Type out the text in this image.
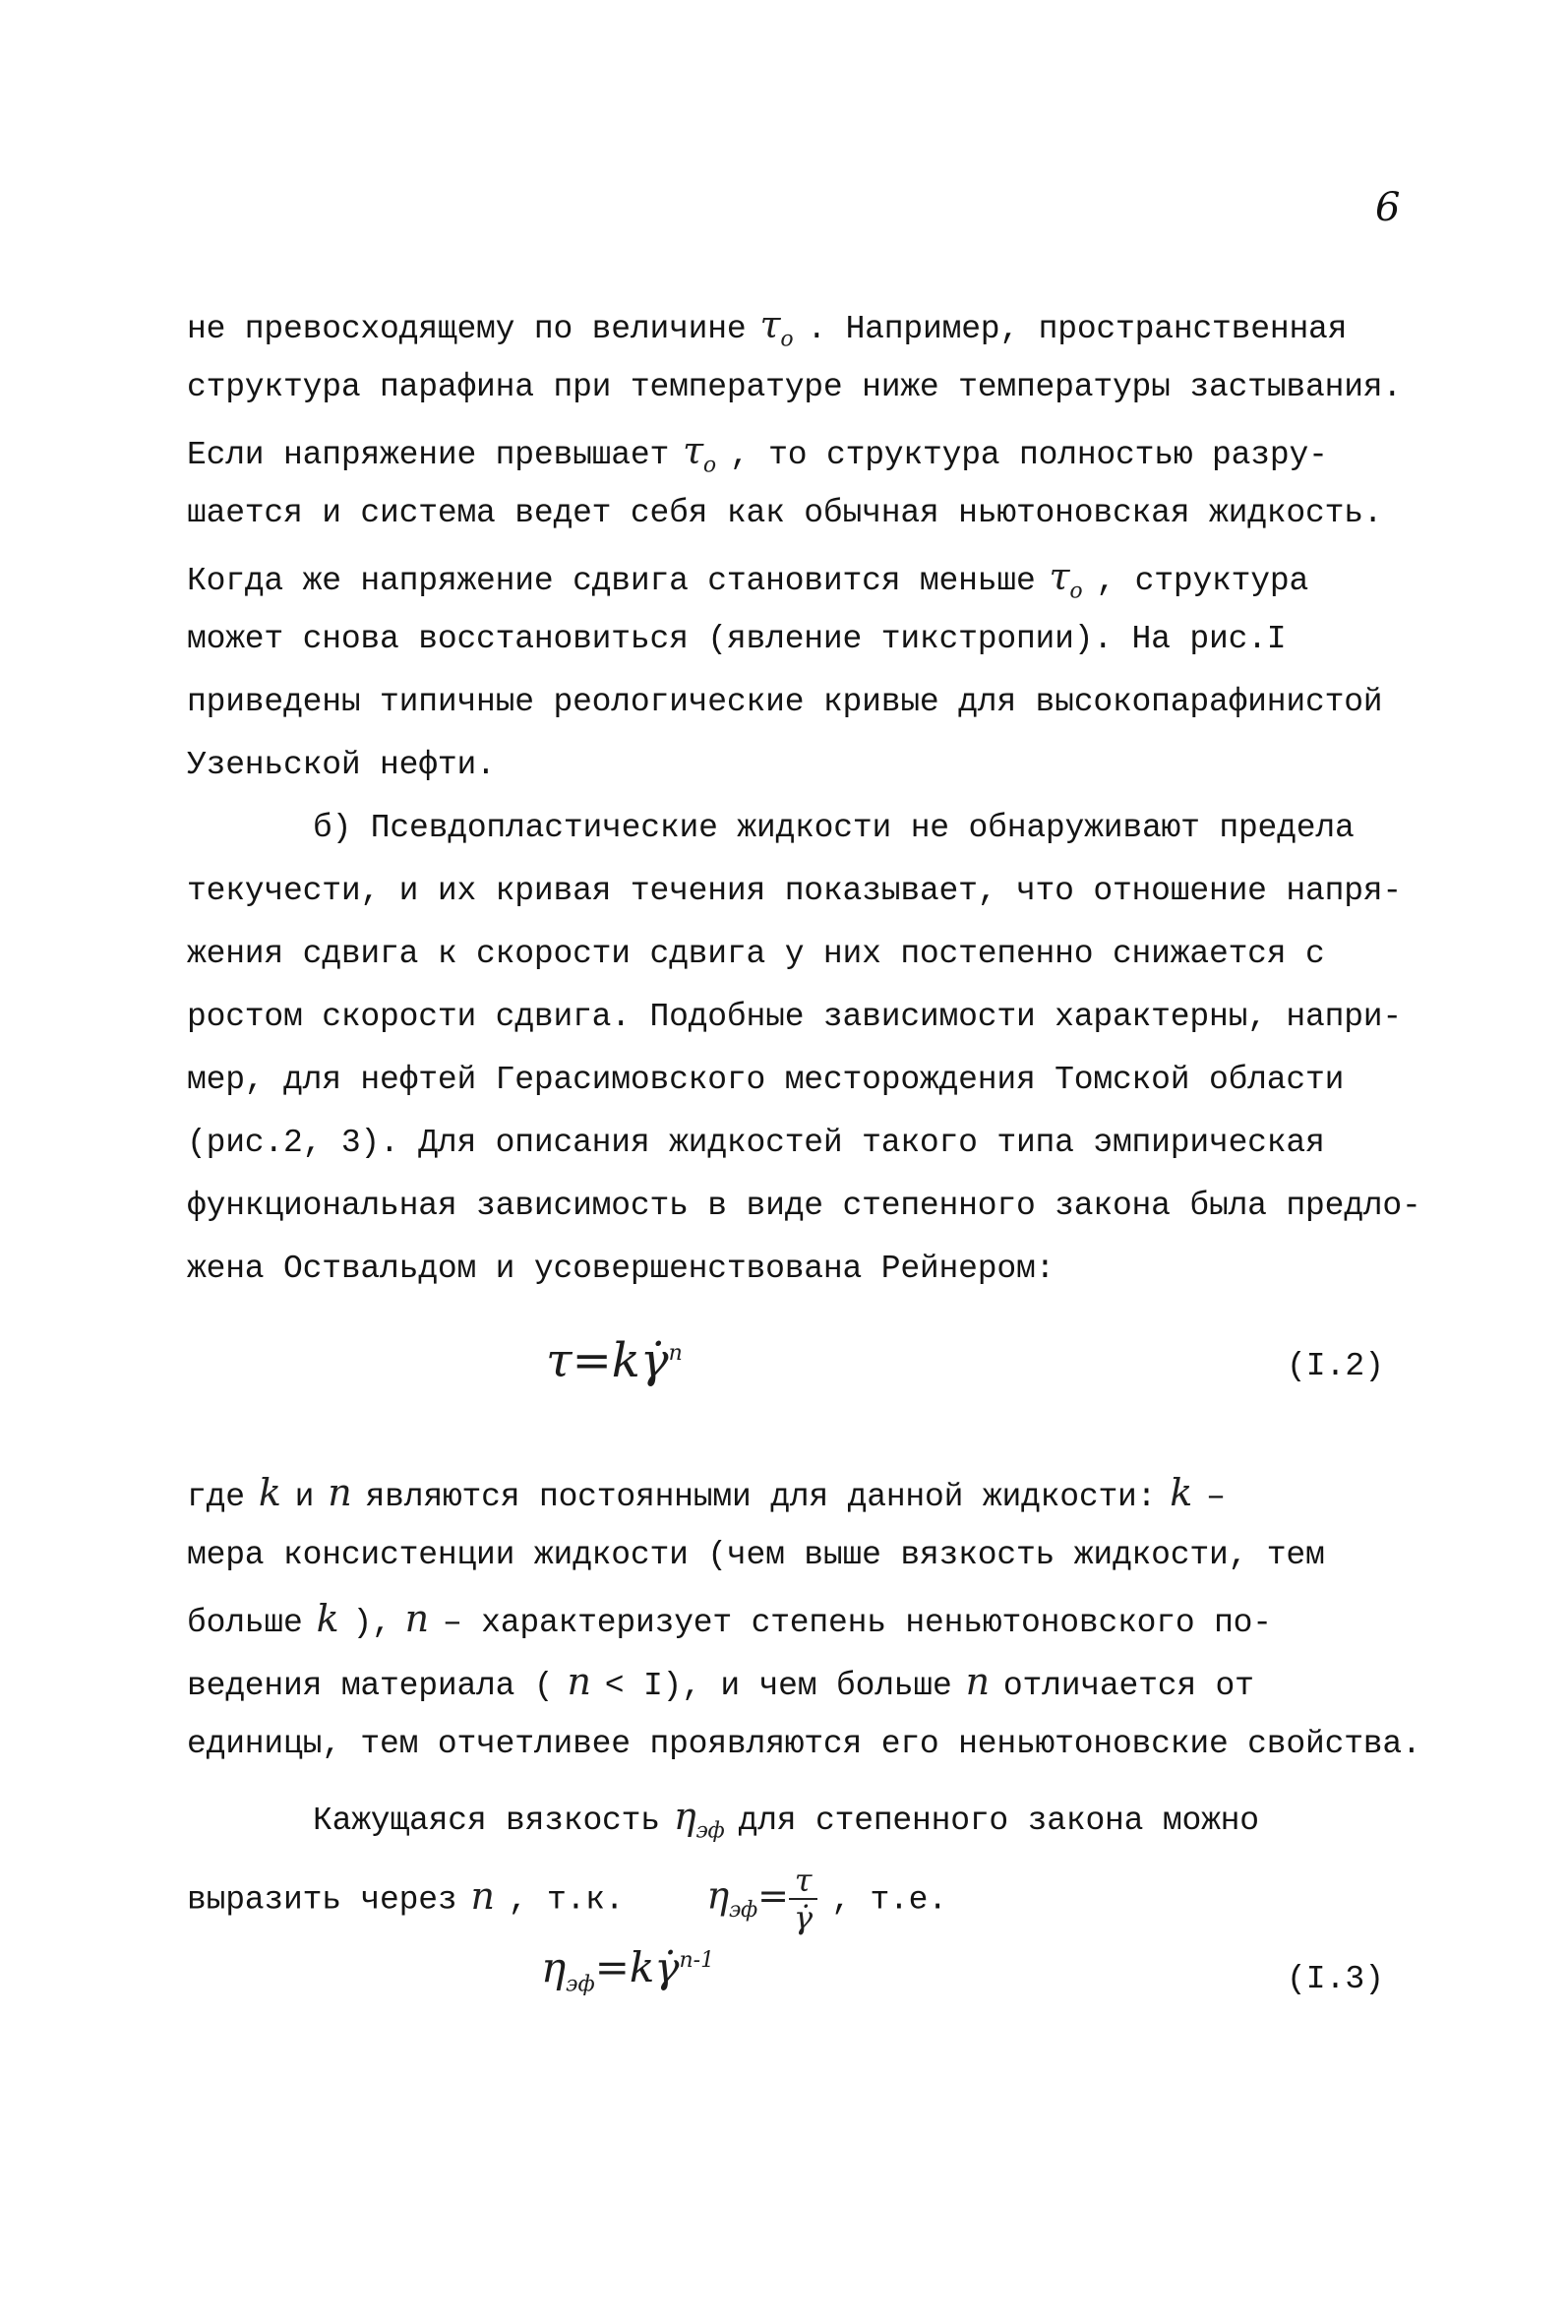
6
не превосходящему по величине $\tau_o$ . Например, пространственная
структура парафина при температуре ниже температуры застывания.
Если напряжение превышает $\tau_o$ , то структура полностью разру-
шается и система ведет себя как обычная ньютоновская жидкость.
Когда же напряжение сдвига становится меньше $\tau_o$ , структура
может снова восстановиться (явление тикстропии). На рис.I
приведены типичные реологические кривые для высокопарафинистой
Узеньской нефти.
б) Псевдопластические жидкости не обнаруживают предела
текучести, и их кривая течения показывает, что отношение напря-
жения сдвига к скорости сдвига у них постепенно снижается с
ростом скорости сдвига. Подобные зависимости характерны, напри-
мер, для нефтей Герасимовского месторождения Томской области
(рис.2, 3). Для описания жидкостей такого типа эмпирическая
функциональная зависимость в виде степенного закона была предло-
жена Оствальдом и усовершенствована Рейнером:
τ=kγ̇$^n$	(I.2)
где k и n являются постоянными для данной жидкости: k –
мера консистенции жидкости (чем выше вязкость жидкости, тем
больше k ), n – характеризует степень неньютоновского по-
ведения материала ( n < I), и чем больше n отличается от
единицы, тем отчетливее проявляются его неньютоновские свойства.
Кажущаяся вязкость $\eta_{эф}$ для степенного закона можно
выразить через n , т.к. $\eta_{эф}= \frac{\tau}{\gammȧ}$ , т.е.
$\eta_{эф}=k\gammȧ^{n-1}$
(I.3)
